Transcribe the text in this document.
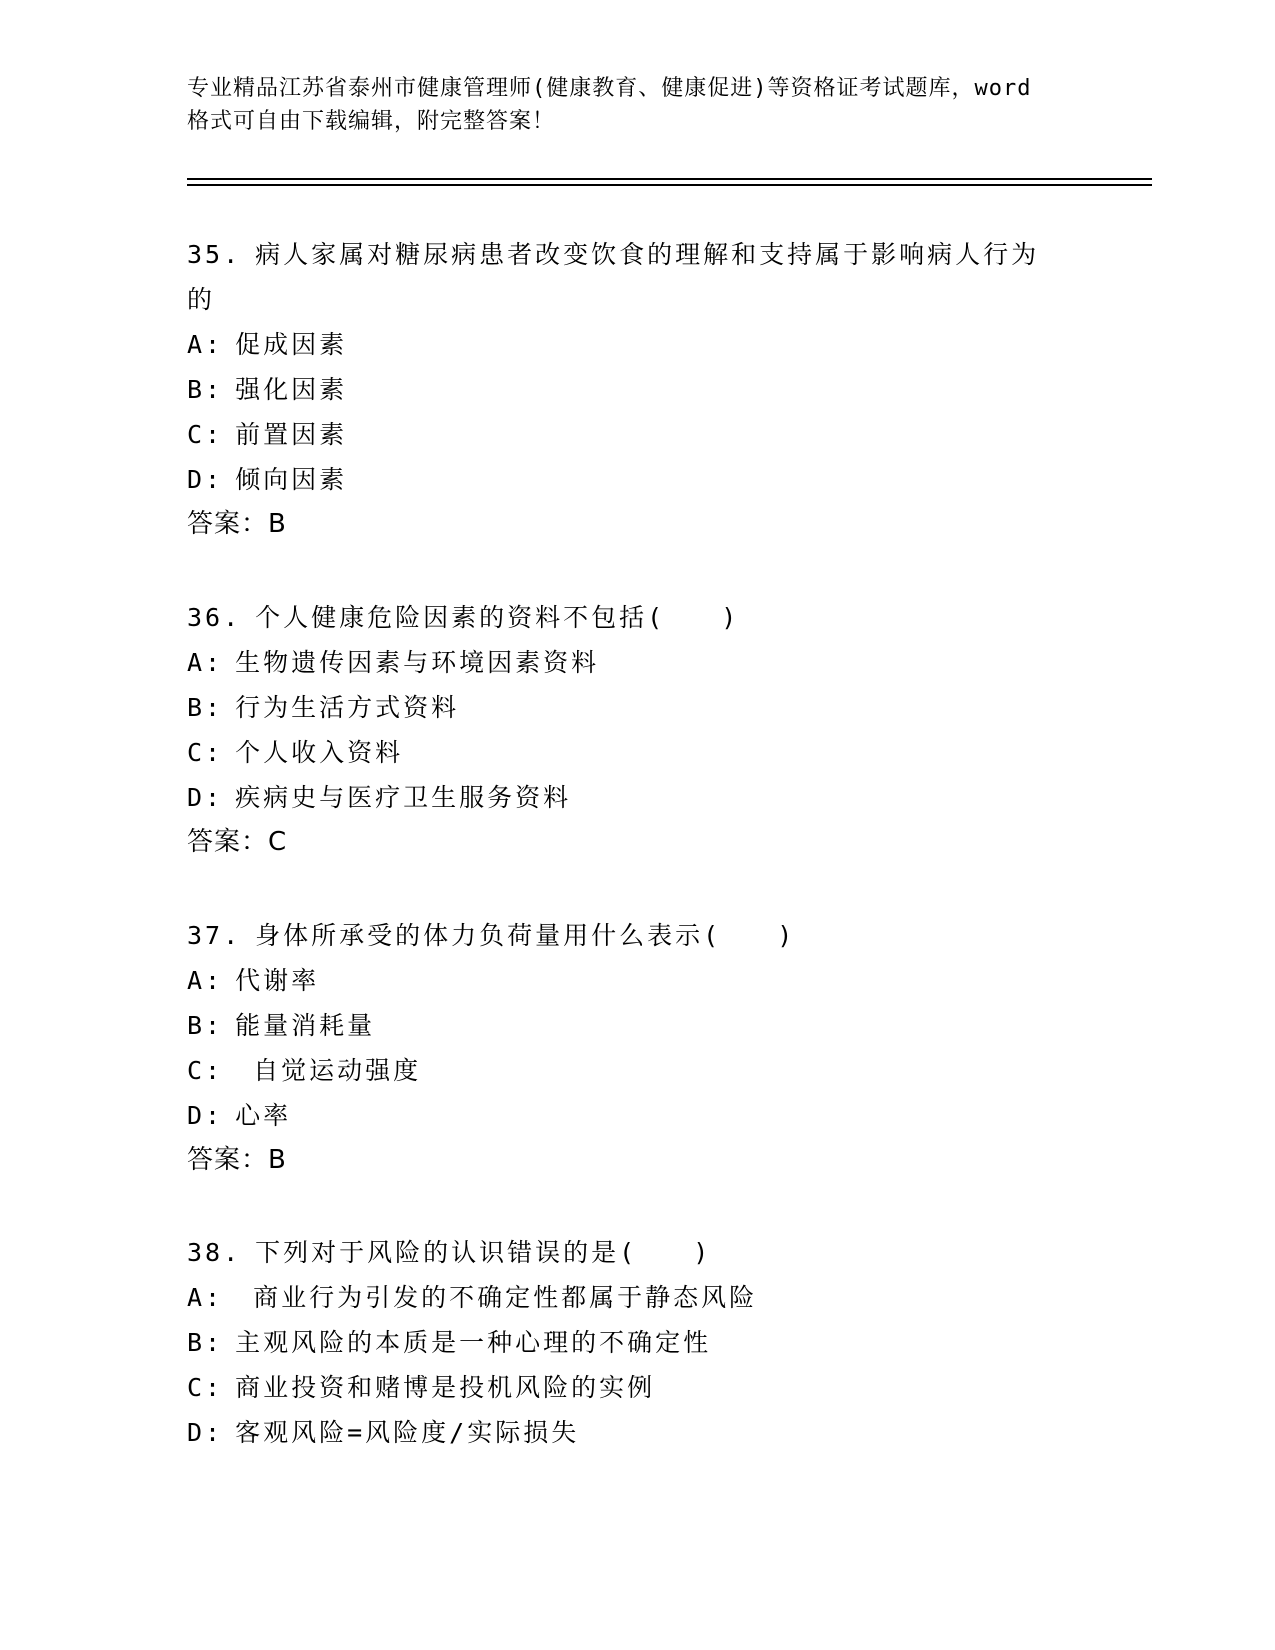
专业精品江苏省泰州市健康管理师(健康教育、健康促进)等资格证考试题库，word
格式可自由下载编辑，附完整答案！
35. 病人家属对糖尿病患者改变饮食的理解和支持属于影响病人行为
的
A: 促成因素
B: 强化因素
C: 前置因素
D: 倾向因素
答案：B
36. 个人健康危险因素的资料不包括(　　)
A: 生物遗传因素与环境因素资料
B: 行为生活方式资料
C: 个人收入资料
D: 疾病史与医疗卫生服务资料
答案：C
37. 身体所承受的体力负荷量用什么表示(　　)
A: 代谢率
B: 能量消耗量
C: 自觉运动强度
D: 心率
答案：B
38. 下列对于风险的认识错误的是(　　)
A: 商业行为引发的不确定性都属于静态风险
B: 主观风险的本质是一种心理的不确定性
C: 商业投资和赌博是投机风险的实例
D: 客观风险=风险度/实际损失
